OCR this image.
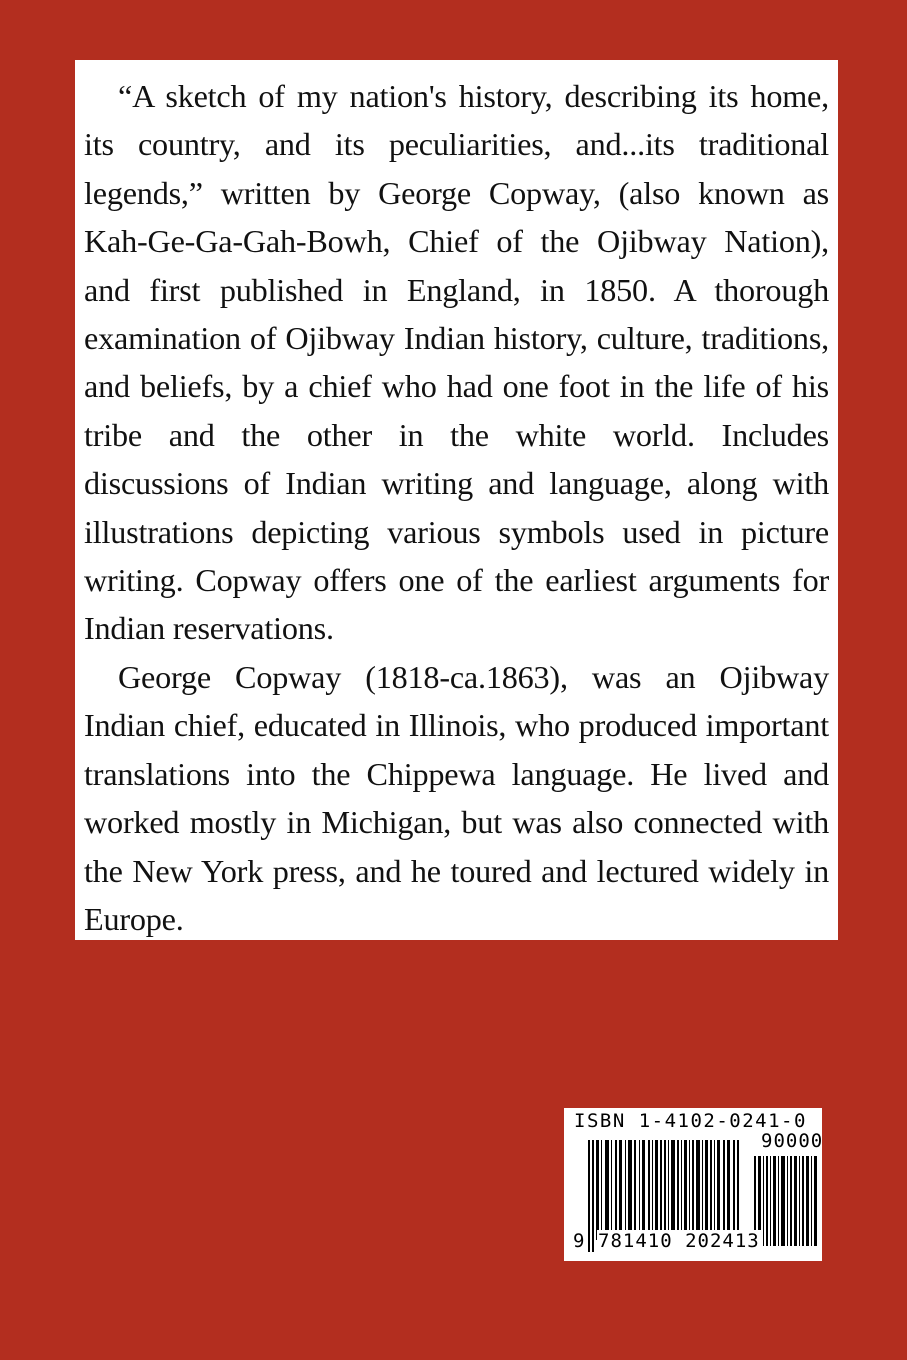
“A sketch of my nation's history, describing its home, its country, and its peculiarities, and...its traditional legends,” written by George Copway, (also known as Kah-Ge-Ga-Gah-Bowh, Chief of the Ojibway Nation), and first published in England, in 1850. A thorough examination of Ojibway Indian history, culture, traditions, and beliefs, by a chief who had one foot in the life of his tribe and the other in the white world. Includes discussions of Indian writing and language, along with illustrations depicting various symbols used in picture writing. Copway offers one of the earliest arguments for Indian reservations.

George Copway (1818-ca.1863), was an Ojibway Indian chief, educated in Illinois, who produced important translations into the Chippewa language. He lived and worked mostly in Michigan, but was also connected with the New York press, and he toured and lectured widely in Europe.

ISBN 1-4102-0241-0
90000
9 781410 202413
